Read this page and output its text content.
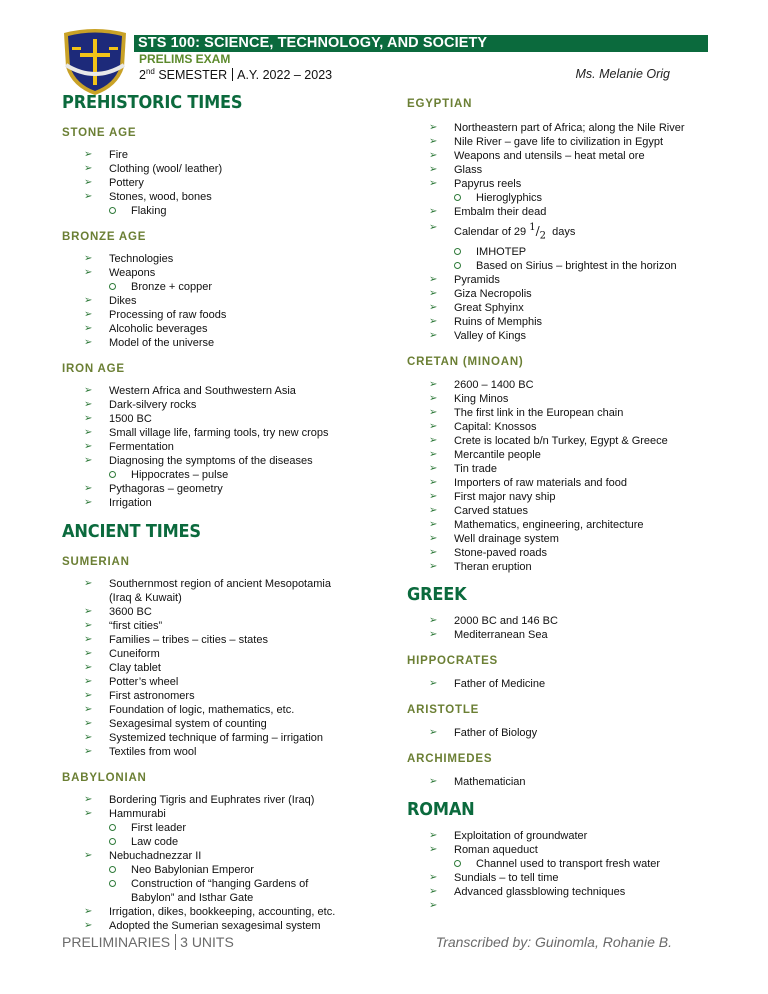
STS 100: SCIENCE, TECHNOLOGY, AND SOCIETY
PRELIMS EXAM
2nd SEMESTER A.Y. 2022 – 2023	Ms. Melanie Orig
PREHISTORIC TIMES
STONE AGE
➢ Fire
➢ Clothing (wool/ leather)
➢ Pottery
➢ Stones, wood, bones
Flaking
BRONZE AGE
➢ Technologies
➢ Weapons
Bronze + copper
➢ Dikes
➢ Processing of raw foods
➢ Alcoholic beverages
➢ Model of the universe
IRON AGE
➢ Western Africa and Southwestern Asia
➢ Dark-silvery rocks
➢ 1500 BC
➢ Small village life, farming tools, try new crops
➢ Fermentation
➢ Diagnosing the symptoms of the diseases
Hippocrates – pulse
➢ Pythagoras – geometry
➢ Irrigation
ANCIENT TIMES
SUMERIAN
➢ Southernmost region of ancient Mesopotamia
(Iraq & Kuwait)
➢ 3600 BC
➢ “first cities”
➢ Families – tribes – cities – states
➢ Cuneiform
➢ Clay tablet
➢ Potter’s wheel
➢ First astronomers
➢ Foundation of logic, mathematics, etc.
➢ Sexagesimal system of counting
➢ Systemized technique of farming – irrigation
➢ Textiles from wool
BABYLONIAN
➢ Bordering Tigris and Euphrates river (Iraq)
➢ Hammurabi
First leader
Law code
➢ Nebuchadnezzar II
Neo Babylonian Emperor
Construction of “hanging Gardens of
Babylon” and Isthar Gate
➢ Irrigation, dikes, bookkeeping, accounting, etc.
➢ Adopted the Sumerian sexagesimal system
EGYPTIAN
➢ Northeastern part of Africa; along the Nile River
➢ Nile River – gave life to civilization in Egypt
➢ Weapons and utensils – heat metal ore
➢ Glass
➢ Papyrus reels
Hieroglyphics
➢ Embalm their dead
➢ Calendar of 29 $^1/_2$ days
IMHOTEP
Based on Sirius – brightest in the horizon
➢ Pyramids
➢ Giza Necropolis
➢ Great Sphyinx
➢ Ruins of Memphis
➢ Valley of Kings
CRETAN (MINOAN)
➢ 2600 – 1400 BC
➢ King Minos
➢ The first link in the European chain
➢ Capital: Knossos
➢ Crete is located b/n Turkey, Egypt & Greece
➢ Mercantile people
➢ Tin trade
➢ Importers of raw materials and food
➢ First major navy ship
➢ Carved statues
➢ Mathematics, engineering, architecture
➢ Well drainage system
➢ Stone-paved roads
➢ Theran eruption
GREEK
➢ 2000 BC and 146 BC
➢ Mediterranean Sea
HIPPOCRATES
➢ Father of Medicine
ARISTOTLE
➢ Father of Biology
ARCHIMEDES
➢ Mathematician
ROMAN
➢ Exploitation of groundwater
➢ Roman aqueduct
Channel used to transport fresh water
➢ Sundials – to tell time
➢ Advanced glassblowing techniques
➢
PRELIMINARIES 3 UNITS	Transcribed by: Guinomla, Rohanie B.
